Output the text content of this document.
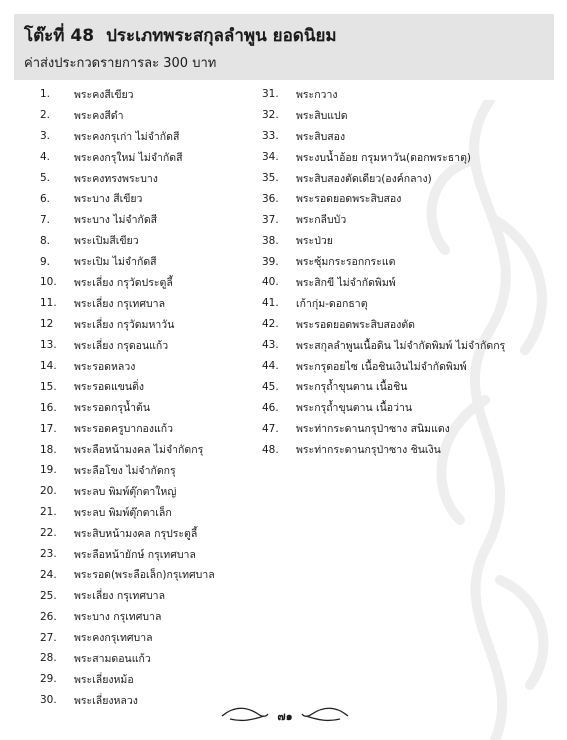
โต๊ะที่ 48 ประเภทพระสกุลลำพูน ยอดนิยม
ค่าส่งประกวดรายการละ 300 บาท
1.	พระคงสีเขียว
2.	พระคงสีดำ
3.	พระคงกรุเก่า ไม่จำกัดสี
4.	พระคงกรุใหม่ ไม่จำกัดสี
5.	พระคงทรงพระบาง
6.	พระบาง สีเขียว
7.	พระบาง ไม่จำกัดสี
8.	พระเปิมสีเขียว
9.	พระเปิม ไม่จำกัดสี
10.	พระเลี่ยง กรุวัดประตูลี้
11.	พระเลี่ยง กรุเทศบาล
12	พระเลี่ยง กรุวัดมหาวัน
13.	พระเลี่ยง กรุดอนแก้ว
14.	พระรอดหลวง
15.	พระรอดแขนติ่ง
16.	พระรอดกรุน้ำต้น
17.	พระรอดครูบากองแก้ว
18.	พระลือหน้ามงคล ไม่จำกัดกรุ
19.	พระลือโขง ไม่จำกัดกรุ
20.	พระลบ พิมพ์ตุ๊กตาใหญ่
21.	พระลบ พิมพ์ตุ๊กตาเล็ก
22.	พระสิบหน้ามงคล กรุประตูลี้
23.	พระลือหน้ายักษ์ กรุเทศบาล
24.	พระรอด(พระลือเล็ก)กรุเทศบาล
25.	พระเลี่ยง กรุเทศบาล
26.	พระบาง กรุเทศบาล
27.	พระคงกรุเทศบาล
28.	พระสามดอนแก้ว
29.	พระเลี่ยงหม้อ
30.	พระเลี่ยงหลวง
31.	พระกวาง
32.	พระสิบแปด
33.	พระสิบสอง
34.	พระงบน้ำอ้อย กรุมหาวัน(ดอกพระธาตุ)
35.	พระสิบสองตัดเดียว(องค์กลาง)
36.	พระรอดยอดพระสิบสอง
37.	พระกลีบบัว
38.	พระป่วย
39.	พระซุ้มกระรอกกระแต
40.	พระสิกขี ไม่จำกัดพิมพ์
41.	เก้ากุ่ม-ดอกธาตุ
42.	พระรอดยอดพระสิบสองตัด
43.	พระสกุลลำพูนเนื้อดิน ไม่จำกัดพิมพ์ ไม่จำกัดกรุ
44.	พระกรุดอยไซ เนื้อชินเงินไม่จำกัดพิมพ์
45.	พระกรุถ้ำขุนตาน เนื้อชิน
46.	พระกรุถ้ำขุนตาน เนื้อว่าน
47.	พระท่ากระดานกรุป่าซาง สนิมแดง
48.	พระท่ากระดานกรุป่าซาง ชินเงิน
๗๑
